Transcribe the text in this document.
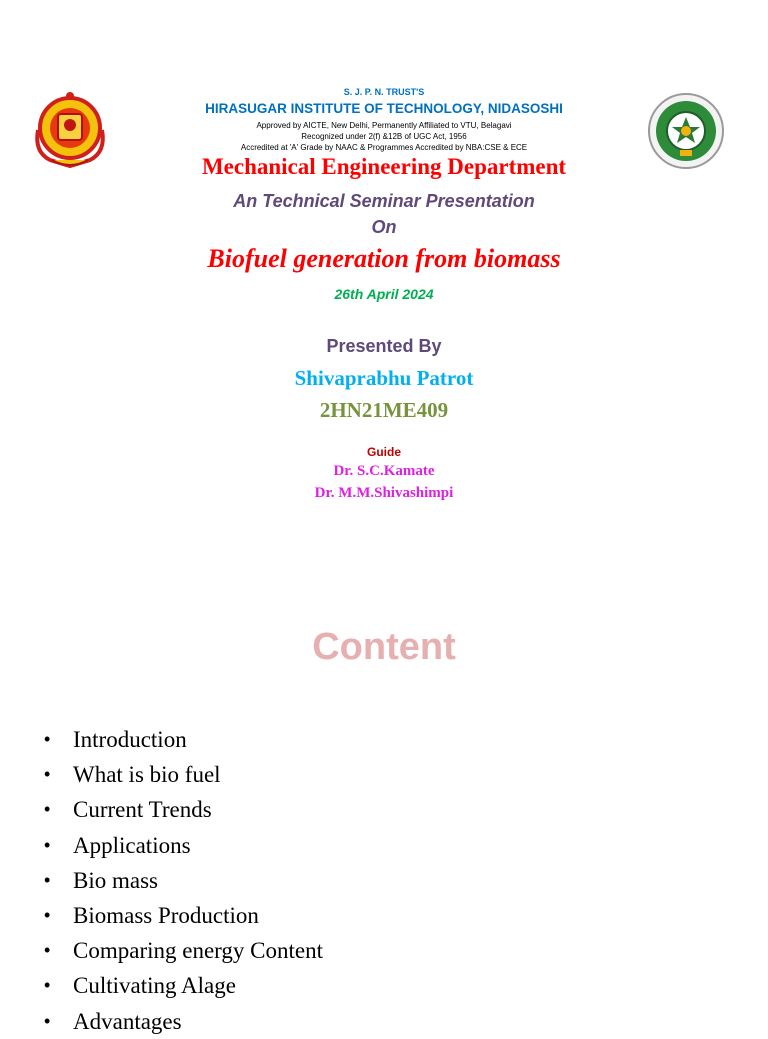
S. J. P. N. TRUST'S
HIRASUGAR INSTITUTE OF TECHNOLOGY, NIDASOSHI
Approved by AICTE, New Delhi, Permanently Affiliated to VTU, Belagavi
Recognized under 2(f) &12B of UGC Act, 1956
Accredited at 'A' Grade by NAAC & Programmes Accredited by NBA:CSE & ECE
Mechanical Engineering Department
An Technical Seminar Presentation
On
Biofuel generation from biomass
26th April 2024
Presented By
Shivaprabhu Patrot
2HN21ME409
Guide
Dr. S.C.Kamate
Dr. M.M.Shivashimpi
Content
• Introduction
• What is bio fuel
• Current Trends
• Applications
• Bio mass
• Biomass Production
• Comparing energy Content
• Cultivating Alage
• Advantages
